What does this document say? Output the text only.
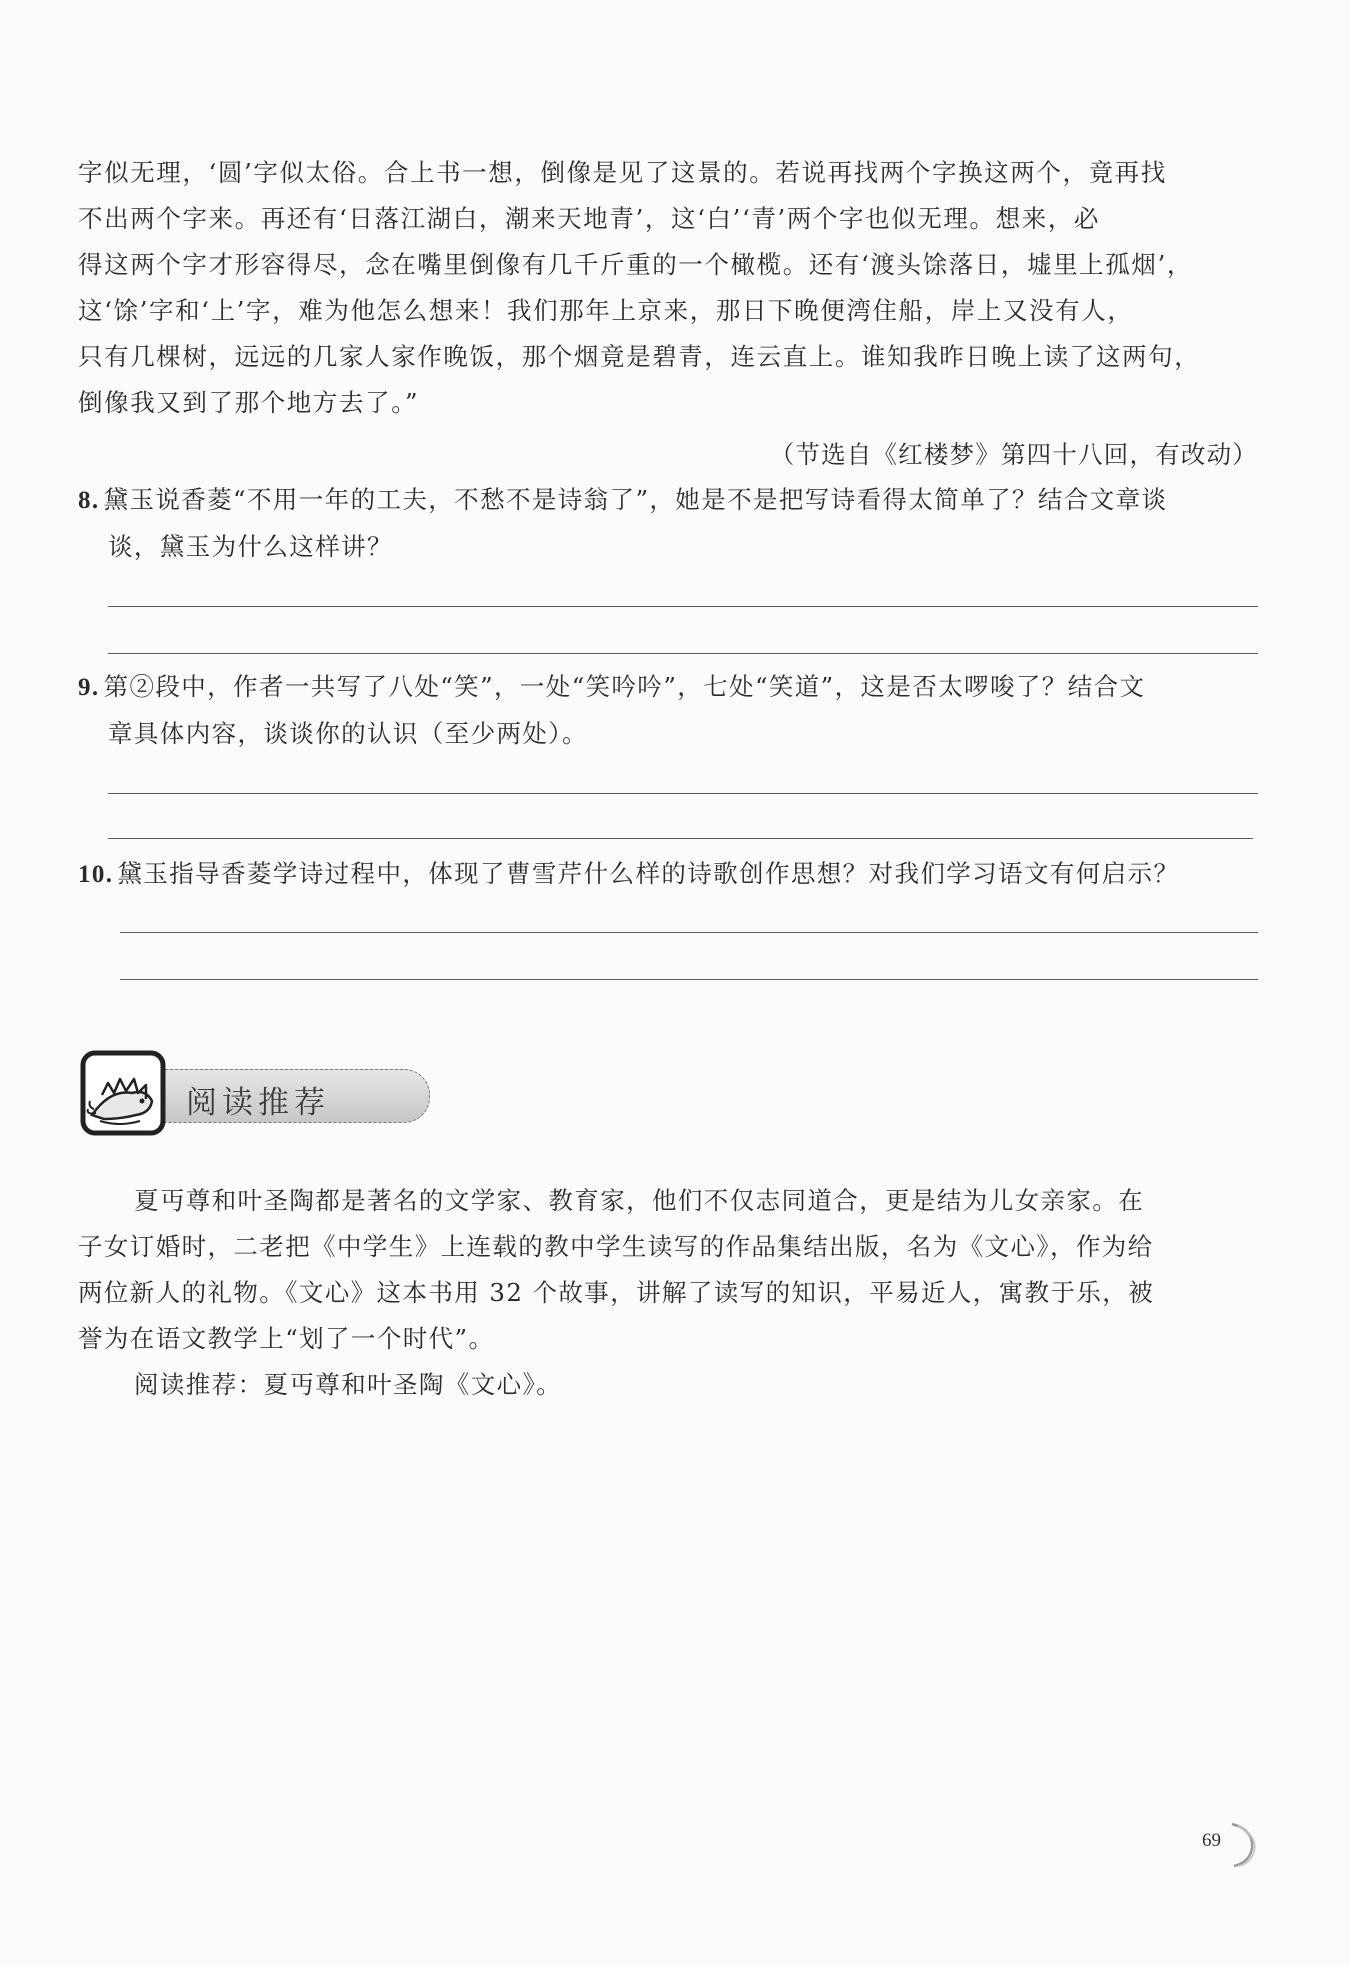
字似无理，‘圆’字似太俗。合上书一想，倒像是见了这景的。若说再找两个字换这两个，竟再找

不出两个字来。再还有‘日落江湖白，潮来天地青’，这‘白’‘青’两个字也似无理。想来，必

得这两个字才形容得尽，念在嘴里倒像有几千斤重的一个橄榄。还有‘渡头馀落日，墟里上孤烟’，

这‘馀’字和‘上’字，难为他怎么想来！我们那年上京来，那日下晚便湾住船，岸上又没有人，

只有几棵树，远远的几家人家作晚饭，那个烟竟是碧青，连云直上。谁知我昨日晚上读了这两句，

倒像我又到了那个地方去了。”

（节选自《红楼梦》第四十八回，有改动）
8. 黛玉说香菱“不用一年的工夫，不愁不是诗翁了”，她是不是把写诗看得太简单了？结合文章谈
谈，黛玉为什么这样讲？
9. 第②段中，作者一共写了八处“笑”，一处“笑吟吟”，七处“笑道”，这是否太啰唆了？结合文
章具体内容，谈谈你的认识（至少两处）。
10. 黛玉指导香菱学诗过程中，体现了曹雪芹什么样的诗歌创作思想？对我们学习语文有何启示？
阅读推荐

夏丏尊和叶圣陶都是著名的文学家、教育家，他们不仅志同道合，更是结为儿女亲家。在

子女订婚时，二老把《中学生》上连载的教中学生读写的作品集结出版，名为《文心》，作为给

两位新人的礼物。《文心》这本书用 32 个故事，讲解了读写的知识，平易近人，寓教于乐，被

誉为在语文教学上“划了一个时代”。

阅读推荐：夏丏尊和叶圣陶《文心》。

69
